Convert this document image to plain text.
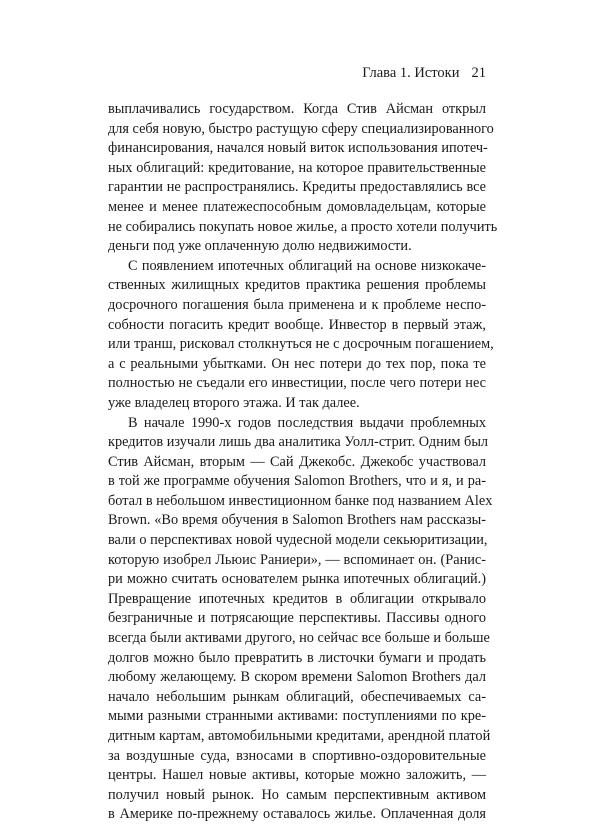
Глава 1. Истоки 21

выплачивались государством. Когда Стив Айсман открыл
для себя новую, быстро растущую сферу специализированного
финансирования, начался новый виток использования ипотеч-
ных облигаций: кредитование, на которое правительственные
гарантии не распространялись. Кредиты предоставлялись все
менее и менее платежеспособным домовладельцам, которые
не собирались покупать новое жилье, а просто хотели получить
деньги под уже оплаченную долю недвижимости.

С появлением ипотечных облигаций на основе низкокаче-
ственных жилищных кредитов практика решения проблемы
досрочного погашения была применена и к проблеме неспо-
собности погасить кредит вообще. Инвестор в первый этаж,
или транш, рисковал столкнуться не с досрочным погашением,
а с реальными убытками. Он нес потери до тех пор, пока те
полностью не съедали его инвестиции, после чего потери нес
уже владелец второго этажа. И так далее.

В начале 1990-х годов последствия выдачи проблемных
кредитов изучали лишь два аналитика Уолл-стрит. Одним был
Стив Айсман, вторым — Сай Джекобс. Джекобс участвовал
в той же программе обучения Salomon Brothers, что и я, и ра-
ботал в небольшом инвестиционном банке под названием Alex
Brown. «Во время обучения в Salomon Brothers нам рассказы-
вали о перспективах новой чудесной модели секьюритизации,
которую изобрел Льюис Раниери», — вспоминает он. (Ранис-
ри можно считать основателем рынка ипотечных облигаций.)
Превращение ипотечных кредитов в облигации открывало
безграничные и потрясающие перспективы. Пассивы одного
всегда были активами другого, но сейчас все больше и больше
долгов можно было превратить в листочки бумаги и продать
любому желающему. В скором времени Salomon Brothers дал
начало небольшим рынкам облигаций, обеспечиваемых са-
мыми разными странными активами: поступлениями по кре-
дитным картам, автомобильными кредитами, арендной платой
за воздушные суда, взносами в спортивно-оздоровительные
центры. Нашел новые активы, которые можно заложить, —
получил новый рынок. Но самым перспективным активом
в Америке по-прежнему оставалось жилье. Оплаченная доля
